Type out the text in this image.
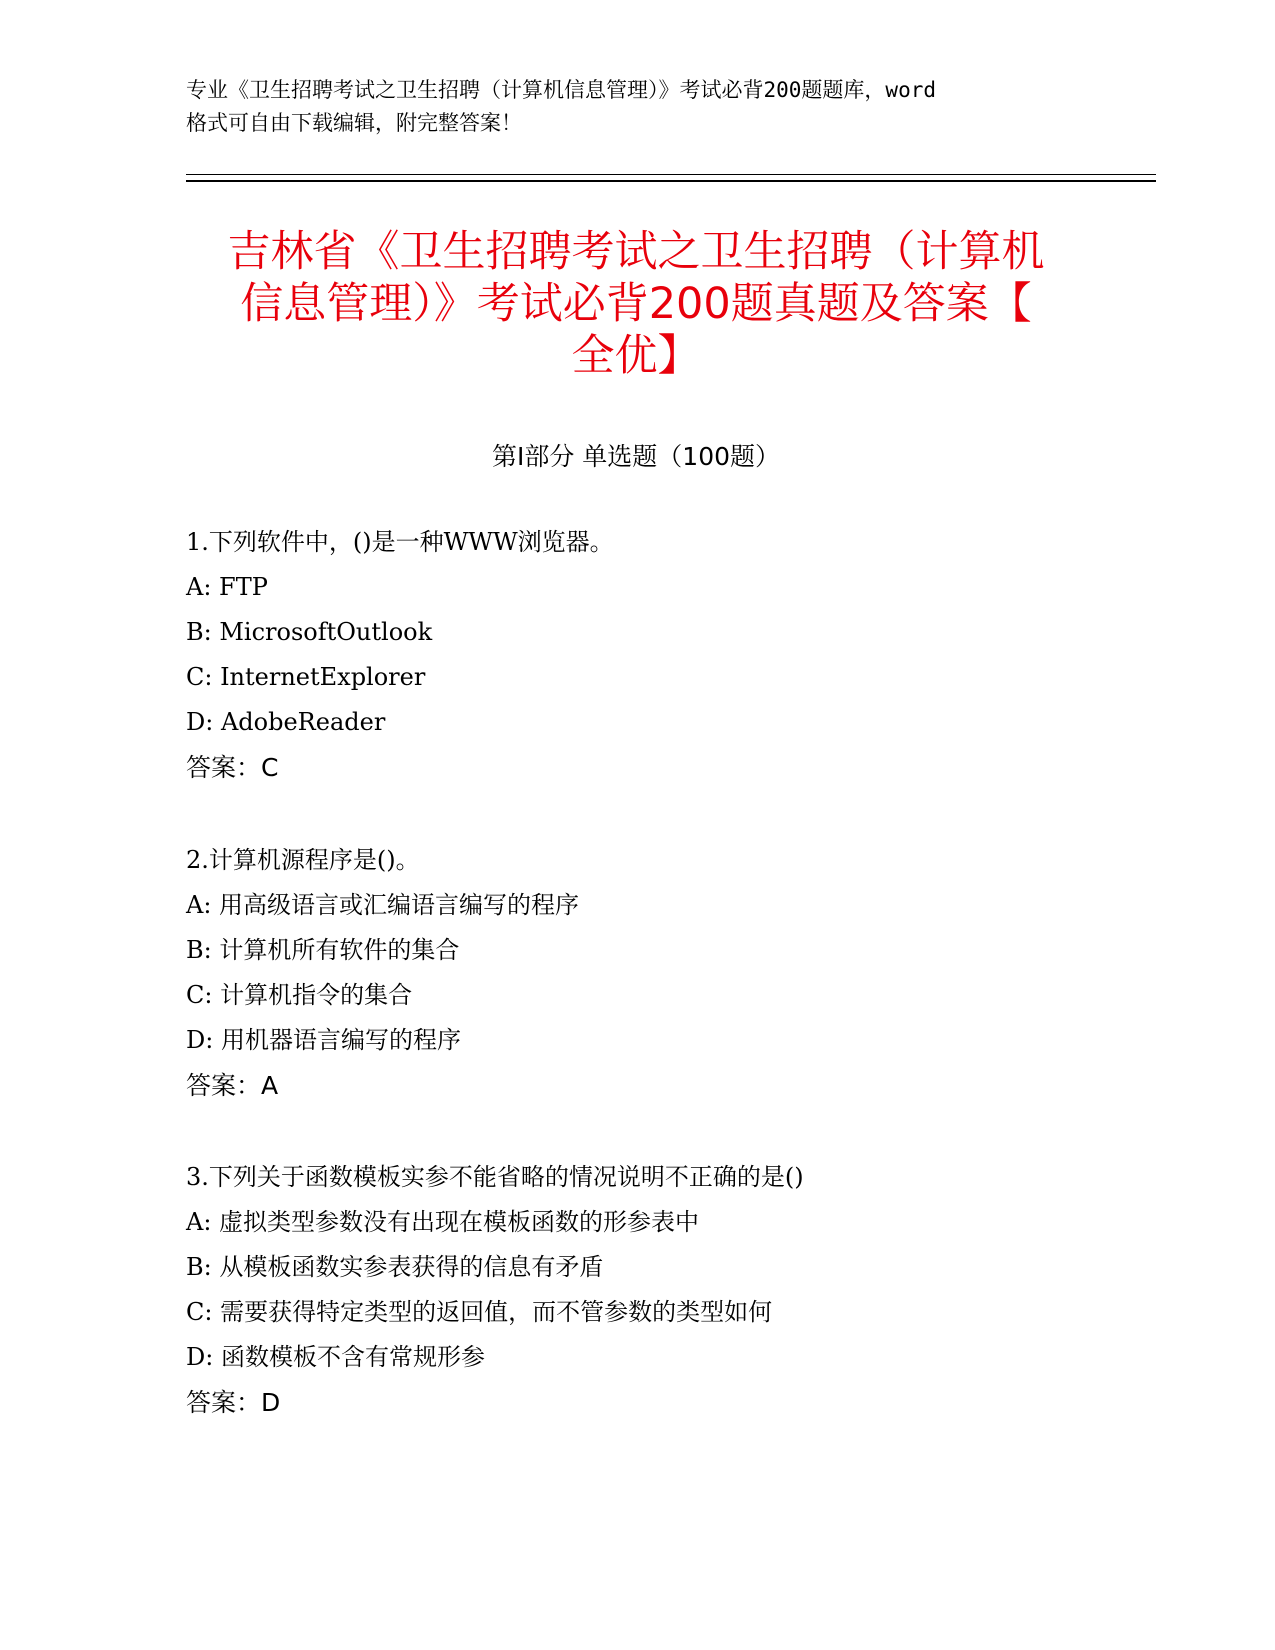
专业《卫生招聘考试之卫生招聘（计算机信息管理）》考试必背200题题库，word
格式可自由下载编辑，附完整答案！
吉林省《卫生招聘考试之卫生招聘（计算机
信息管理）》考试必背200题真题及答案【
全优】
第Ⅰ部分 单选题（100题）
1.下列软件中，()是一种WWW浏览器。
A: FTP
B: MicrosoftOutlook
C: InternetExplorer
D: AdobeReader
答案：C
2.计算机源程序是()。
A: 用高级语言或汇编语言编写的程序
B: 计算机所有软件的集合
C: 计算机指令的集合
D: 用机器语言编写的程序
答案：A
3.下列关于函数模板实参不能省略的情况说明不正确的是()
A: 虚拟类型参数没有出现在模板函数的形参表中
B: 从模板函数实参表获得的信息有矛盾
C: 需要获得特定类型的返回值，而不管参数的类型如何
D: 函数模板不含有常规形参
答案：D
